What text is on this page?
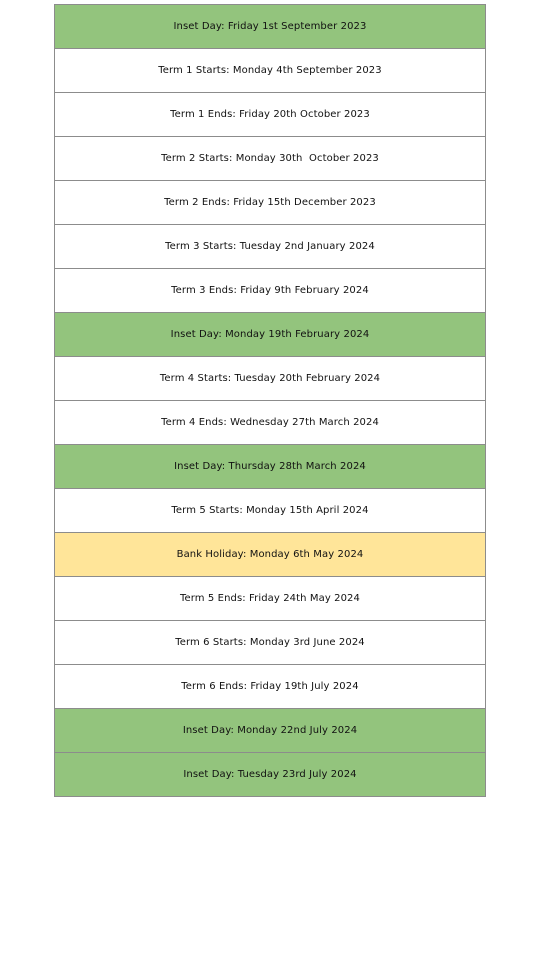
Inset Day: Friday 1st September 2023
Term 1 Starts: Monday 4th September 2023
Term 1 Ends: Friday 20th October 2023
Term 2 Starts: Monday 30th  October 2023
Term 2 Ends: Friday 15th December 2023
Term 3 Starts: Tuesday 2nd January 2024
Term 3 Ends: Friday 9th February 2024
Inset Day: Monday 19th February 2024
Term 4 Starts: Tuesday 20th February 2024
Term 4 Ends: Wednesday 27th March 2024
Inset Day: Thursday 28th March 2024
Term 5 Starts: Monday 15th April 2024
Bank Holiday: Monday 6th May 2024
Term 5 Ends: Friday 24th May 2024
Term 6 Starts: Monday 3rd June 2024
Term 6 Ends: Friday 19th July 2024
Inset Day: Monday 22nd July 2024
Inset Day: Tuesday 23rd July 2024
